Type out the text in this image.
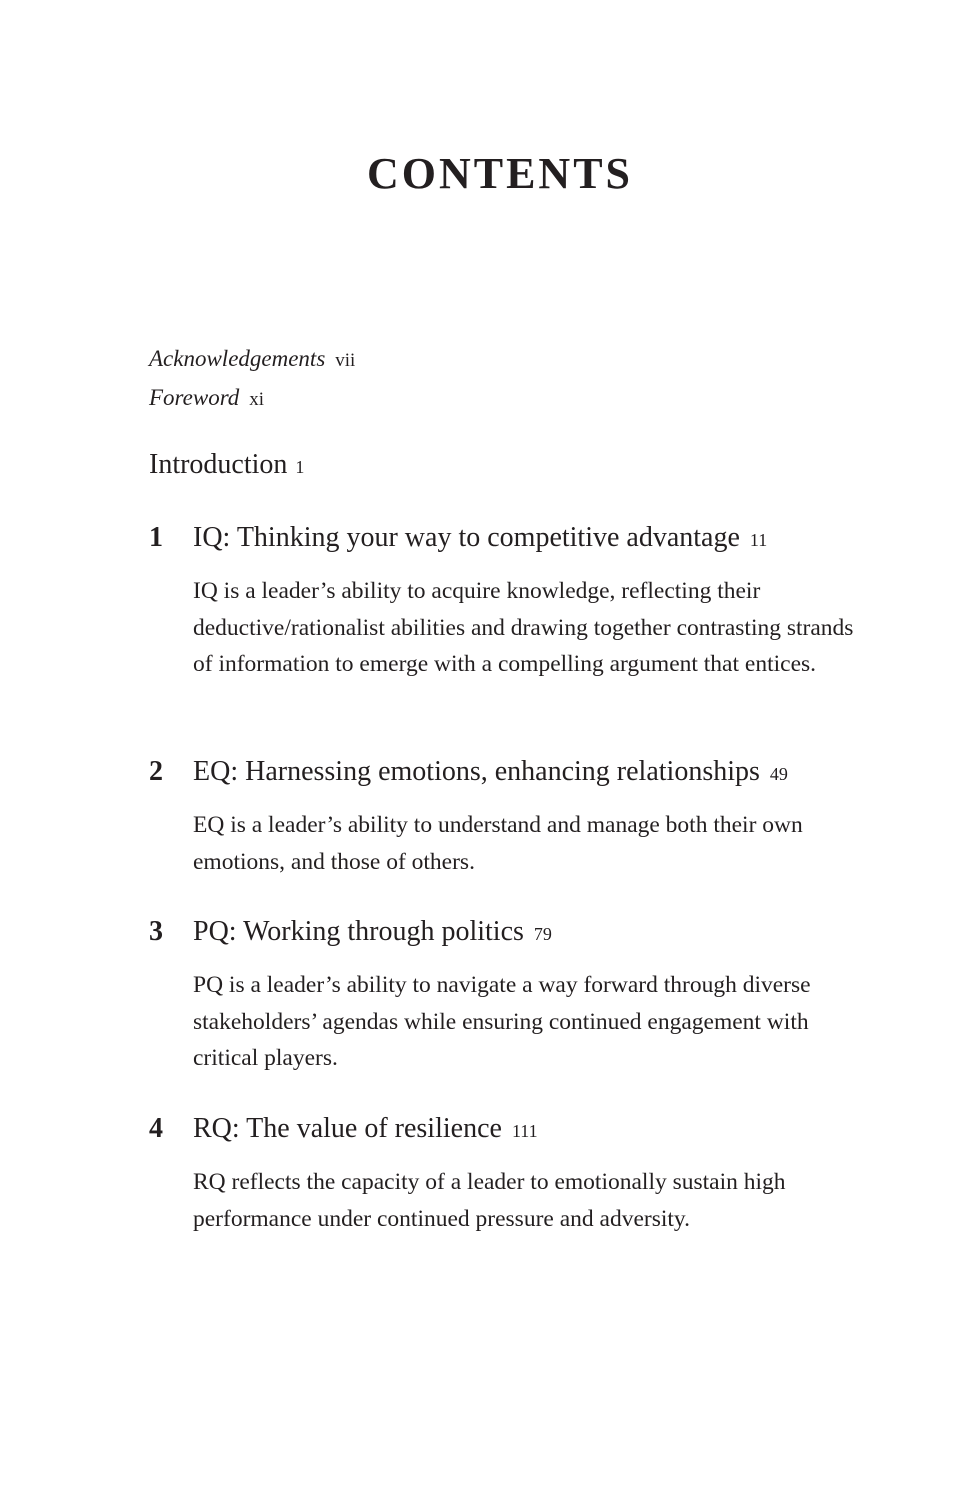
CONTENTS
Acknowledgements vii
Foreword xi
Introduction 1
1	IQ: Thinking your way to competitive advantage 11

IQ is a leader’s ability to acquire knowledge, reflecting their deductive/rationalist abilities and drawing together contrasting strands of information to emerge with a compelling argument that entices.

2	EQ: Harnessing emotions, enhancing relationships 49

EQ is a leader’s ability to understand and manage both their own emotions, and those of others.

3	PQ: Working through politics 79

PQ is a leader’s ability to navigate a way forward through diverse stakeholders’ agendas while ensuring continued engagement with critical players.

4	RQ: The value of resilience 111

RQ reflects the capacity of a leader to emotionally sustain high performance under continued pressure and adversity.
